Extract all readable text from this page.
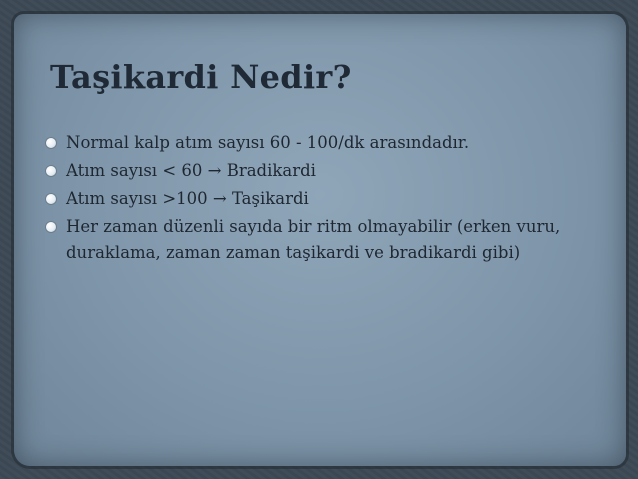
Taşikardi Nedir?
Normal kalp atım sayısı 60 - 100/dk arasındadır.
Atım sayısı < 60 → Bradikardi
Atım sayısı >100 → Taşikardi
Her zaman düzenli sayıda bir ritm olmayabilir (erken vuru, duraklama, zaman zaman taşikardi ve bradikardi gibi)
